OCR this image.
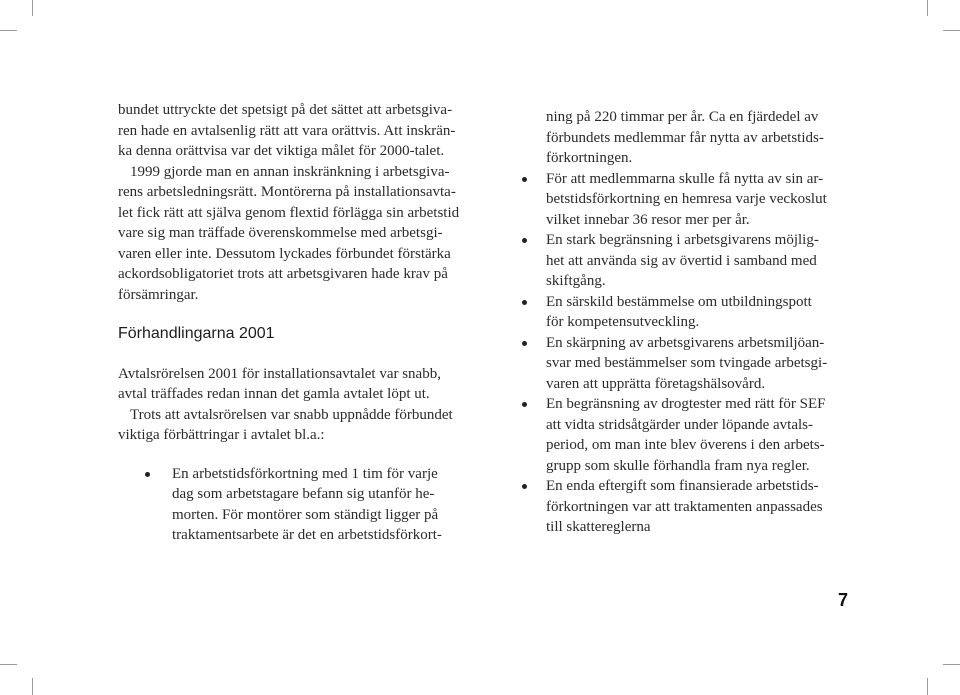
bundet uttryckte det spetsigt på det sättet att arbetsgiva-
ren hade en avtalsenlig rätt att vara orättvis. Att inskrän-
ka denna orättvisa var det viktiga målet för 2000-talet.
1999 gjorde man en annan inskränkning i arbetsgiva-
rens arbetsledningsrätt. Montörerna på installationsavta-
let fick rätt att själva genom flextid förlägga sin arbetstid
vare sig man träffade överenskommelse med arbetsgi-
varen eller inte. Dessutom lyckades förbundet förstärka
ackordsobligatoriet trots att arbetsgivaren hade krav på
försämringar.
Förhandlingarna 2001
Avtalsrörelsen 2001 för installationsavtalet var snabb,
avtal träffades redan innan det gamla avtalet löpt ut.
Trots att avtalsrörelsen var snabb uppnådde förbundet
viktiga förbättringar i avtalet bl.a.:
En arbetstidsförkortning med 1 tim för varje
dag som arbetstagare befann sig utanför he-
morten. För montörer som ständigt ligger på
traktamentsarbete är det en arbetstidsförkort-
ning på 220 timmar per år. Ca en fjärdedel av
förbundets medlemmar får nytta av arbetstids-
förkortningen.
För att medlemmarna skulle få nytta av sin ar-
betstidsförkortning en hemresa varje veckoslut
vilket innebar 36 resor mer per år.
En stark begränsning i arbetsgivarens möjlig-
het att använda sig av övertid i samband med
skiftgång.
En särskild bestämmelse om utbildningspott
för kompetensutveckling.
En skärpning av arbetsgivarens arbetsmiljöan-
svar med bestämmelser som tvingade arbetsgi-
varen att upprätta företagshälsovård.
En begränsning av drogtester med rätt för SEF
att vidta stridsåtgärder under löpande avtals-
period, om man inte blev överens i den arbets-
grupp som skulle förhandla fram nya regler.
En enda eftergift som finansierade arbetstids-
förkortningen var att traktamenten anpassades
till skattereglerna
7
